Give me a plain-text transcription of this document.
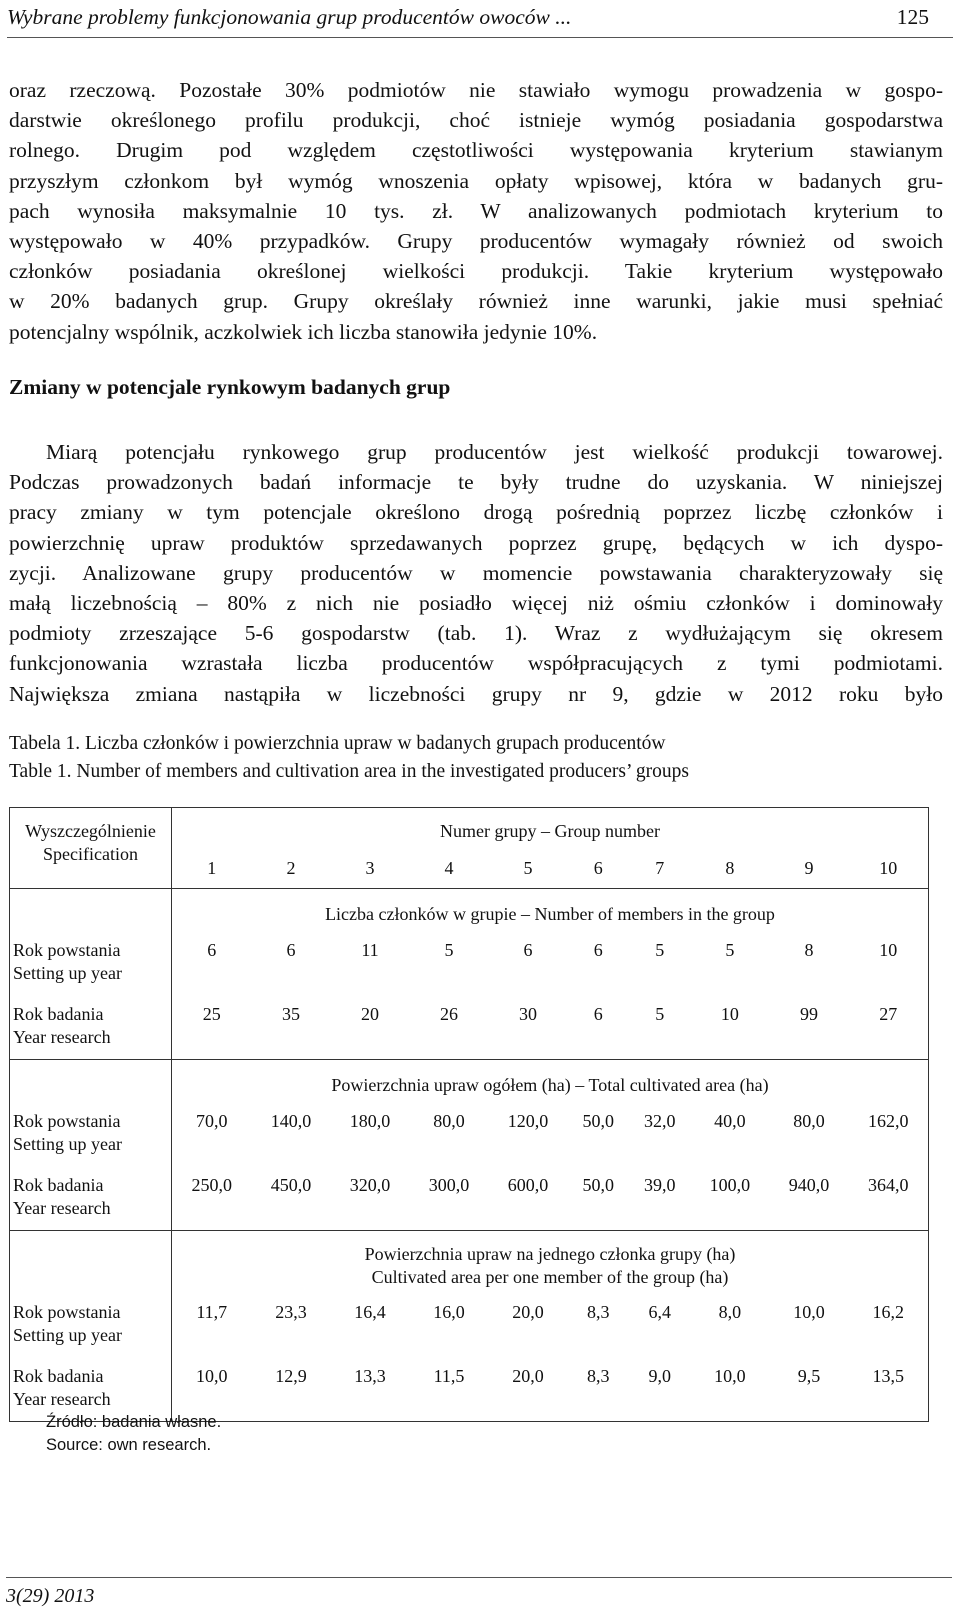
Wybrane problemy funkcjonowania grup producentów owoców ...	125
oraz rzeczową. Pozostałe 30% podmiotów nie stawiało wymogu prowadzenia w gospo-
darstwie określonego profilu produkcji, choć istnieje wymóg posiadania gospodarstwa
rolnego. Drugim pod względem częstotliwości występowania kryterium stawianym
przyszłym członkom był wymóg wnoszenia opłaty wpisowej, która w badanych gru-
pach wynosiła maksymalnie 10 tys. zł. W analizowanych podmiotach kryterium to
występowało w 40% przypadków. Grupy producentów wymagały również od swoich
członków posiadania określonej wielkości produkcji. Takie kryterium występowało
w 20% badanych grup. Grupy określały również inne warunki, jakie musi spełniać
potencjalny wspólnik, aczkolwiek ich liczba stanowiła jedynie 10%.
Zmiany w potencjale rynkowym badanych grup
Miarą potencjału rynkowego grup producentów jest wielkość produkcji towarowej.
Podczas prowadzonych badań informacje te były trudne do uzyskania. W niniejszej
pracy zmiany w tym potencjale określono drogą pośrednią poprzez liczbę członków i
powierzchnię upraw produktów sprzedawanych poprzez grupę, będących w ich dyspo-
zycji. Analizowane grupy producentów w momencie powstawania charakteryzowały się
małą liczebnością – 80% z nich nie posiadło więcej niż ośmiu członków i dominowały
podmioty zrzeszające 5-6 gospodarstw (tab. 1). Wraz z wydłużającym się okresem
funkcjonowania wzrastała liczba producentów współpracujących z tymi podmiotami.
Największa zmiana nastąpiła w liczebności grupy nr 9, gdzie w 2012 roku było
Tabela 1. Liczba członków i powierzchnia upraw w badanych grupach producentów
Table 1. Number of members and cultivation area in the investigated producers’ groups
Wyszczególnienie
Specification	Numer grupy – Group number									
	1	2	3	4	5	6	7	8	9	10

	Liczba członków w grupie – Number of members in the group									

Rok powstania
Setting up year	6	6	11	5	6	6	5	5	8	10

Rok badania
Year research	25	35	20	26	30	6	5	10	99	27

	Powierzchnia upraw ogółem (ha) – Total cultivated area (ha)									

Rok powstania
Setting up year	70,0	140,0	180,0	80,0	120,0	50,0	32,0	40,0	80,0	162,0

Rok badania
Year research	250,0	450,0	320,0	300,0	600,0	50,0	39,0	100,0	940,0	364,0

	Powierzchnia upraw na jednego członka grupy (ha)
Cultivated area per one member of the group (ha)									

Rok powstania
Setting up year	11,7	23,3	16,4	16,0	20,0	8,3	6,4	8,0	10,0	16,2

Rok badania
Year research	10,0	12,9	13,3	11,5	20,0	8,3	9,0	10,0	9,5	13,5
Źródło: badania własne.
Source: own research.
3(29) 2013
